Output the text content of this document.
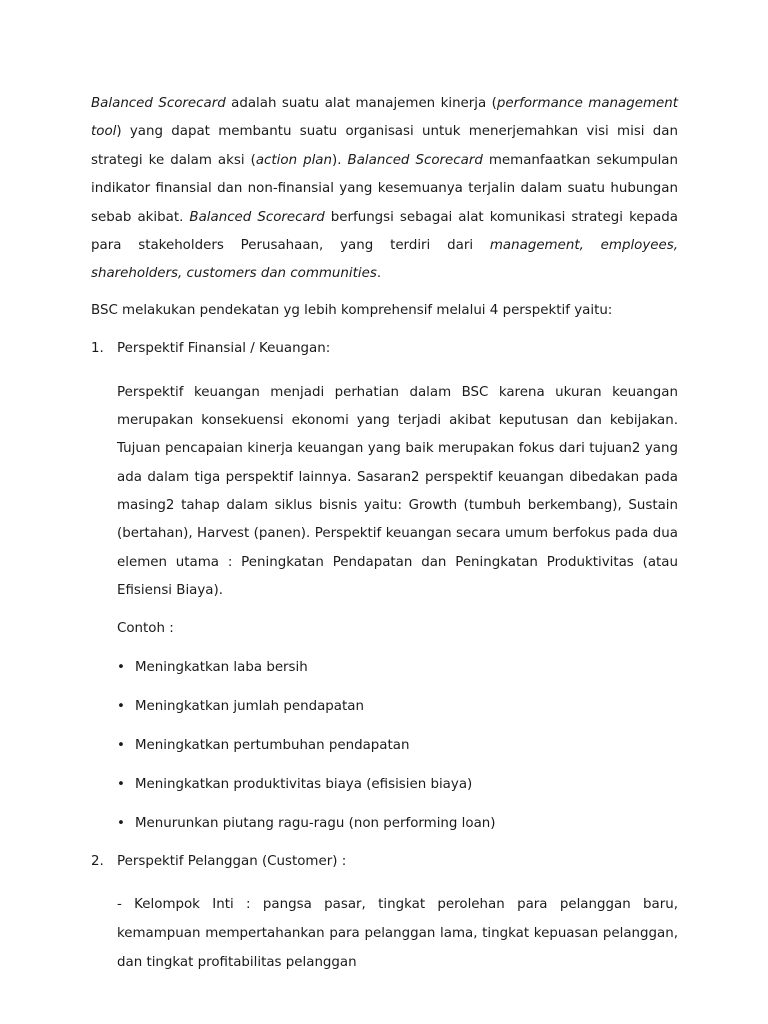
Balanced Scorecard adalah suatu alat manajemen kinerja (performance management tool) yang dapat membantu suatu organisasi untuk menerjemahkan visi misi dan strategi ke dalam aksi (action plan). Balanced Scorecard memanfaatkan sekumpulan indikator finansial dan non-finansial yang kesemuanya terjalin dalam suatu hubungan sebab akibat. Balanced Scorecard berfungsi sebagai alat komunikasi strategi kepada para stakeholders Perusahaan, yang terdiri dari management, employees, shareholders, customers dan communities.

BSC melakukan pendekatan yg lebih komprehensif melalui 4 perspektif yaitu:

1. Perspektif Finansial / Keuangan:

Perspektif keuangan menjadi perhatian dalam BSC karena ukuran keuangan merupakan konsekuensi ekonomi yang terjadi akibat keputusan dan kebijakan. Tujuan pencapaian kinerja keuangan yang baik merupakan fokus dari tujuan2 yang ada dalam tiga perspektif lainnya. Sasaran2 perspektif keuangan dibedakan pada masing2 tahap dalam siklus bisnis yaitu: Growth (tumbuh berkembang), Sustain (bertahan), Harvest (panen). Perspektif keuangan secara umum berfokus pada dua elemen utama : Peningkatan Pendapatan dan Peningkatan Produktivitas (atau Efisiensi Biaya).

Contoh :
• Meningkatkan laba bersih
• Meningkatkan jumlah pendapatan
• Meningkatkan pertumbuhan pendapatan
• Meningkatkan produktivitas biaya (efisisien biaya)
• Menurunkan piutang ragu-ragu (non performing loan)
2. Perspektif Pelanggan (Customer) :

- Kelompok Inti : pangsa pasar, tingkat perolehan para pelanggan baru, kemampuan mempertahankan para pelanggan lama, tingkat kepuasan pelanggan, dan tingkat profitabilitas pelanggan
